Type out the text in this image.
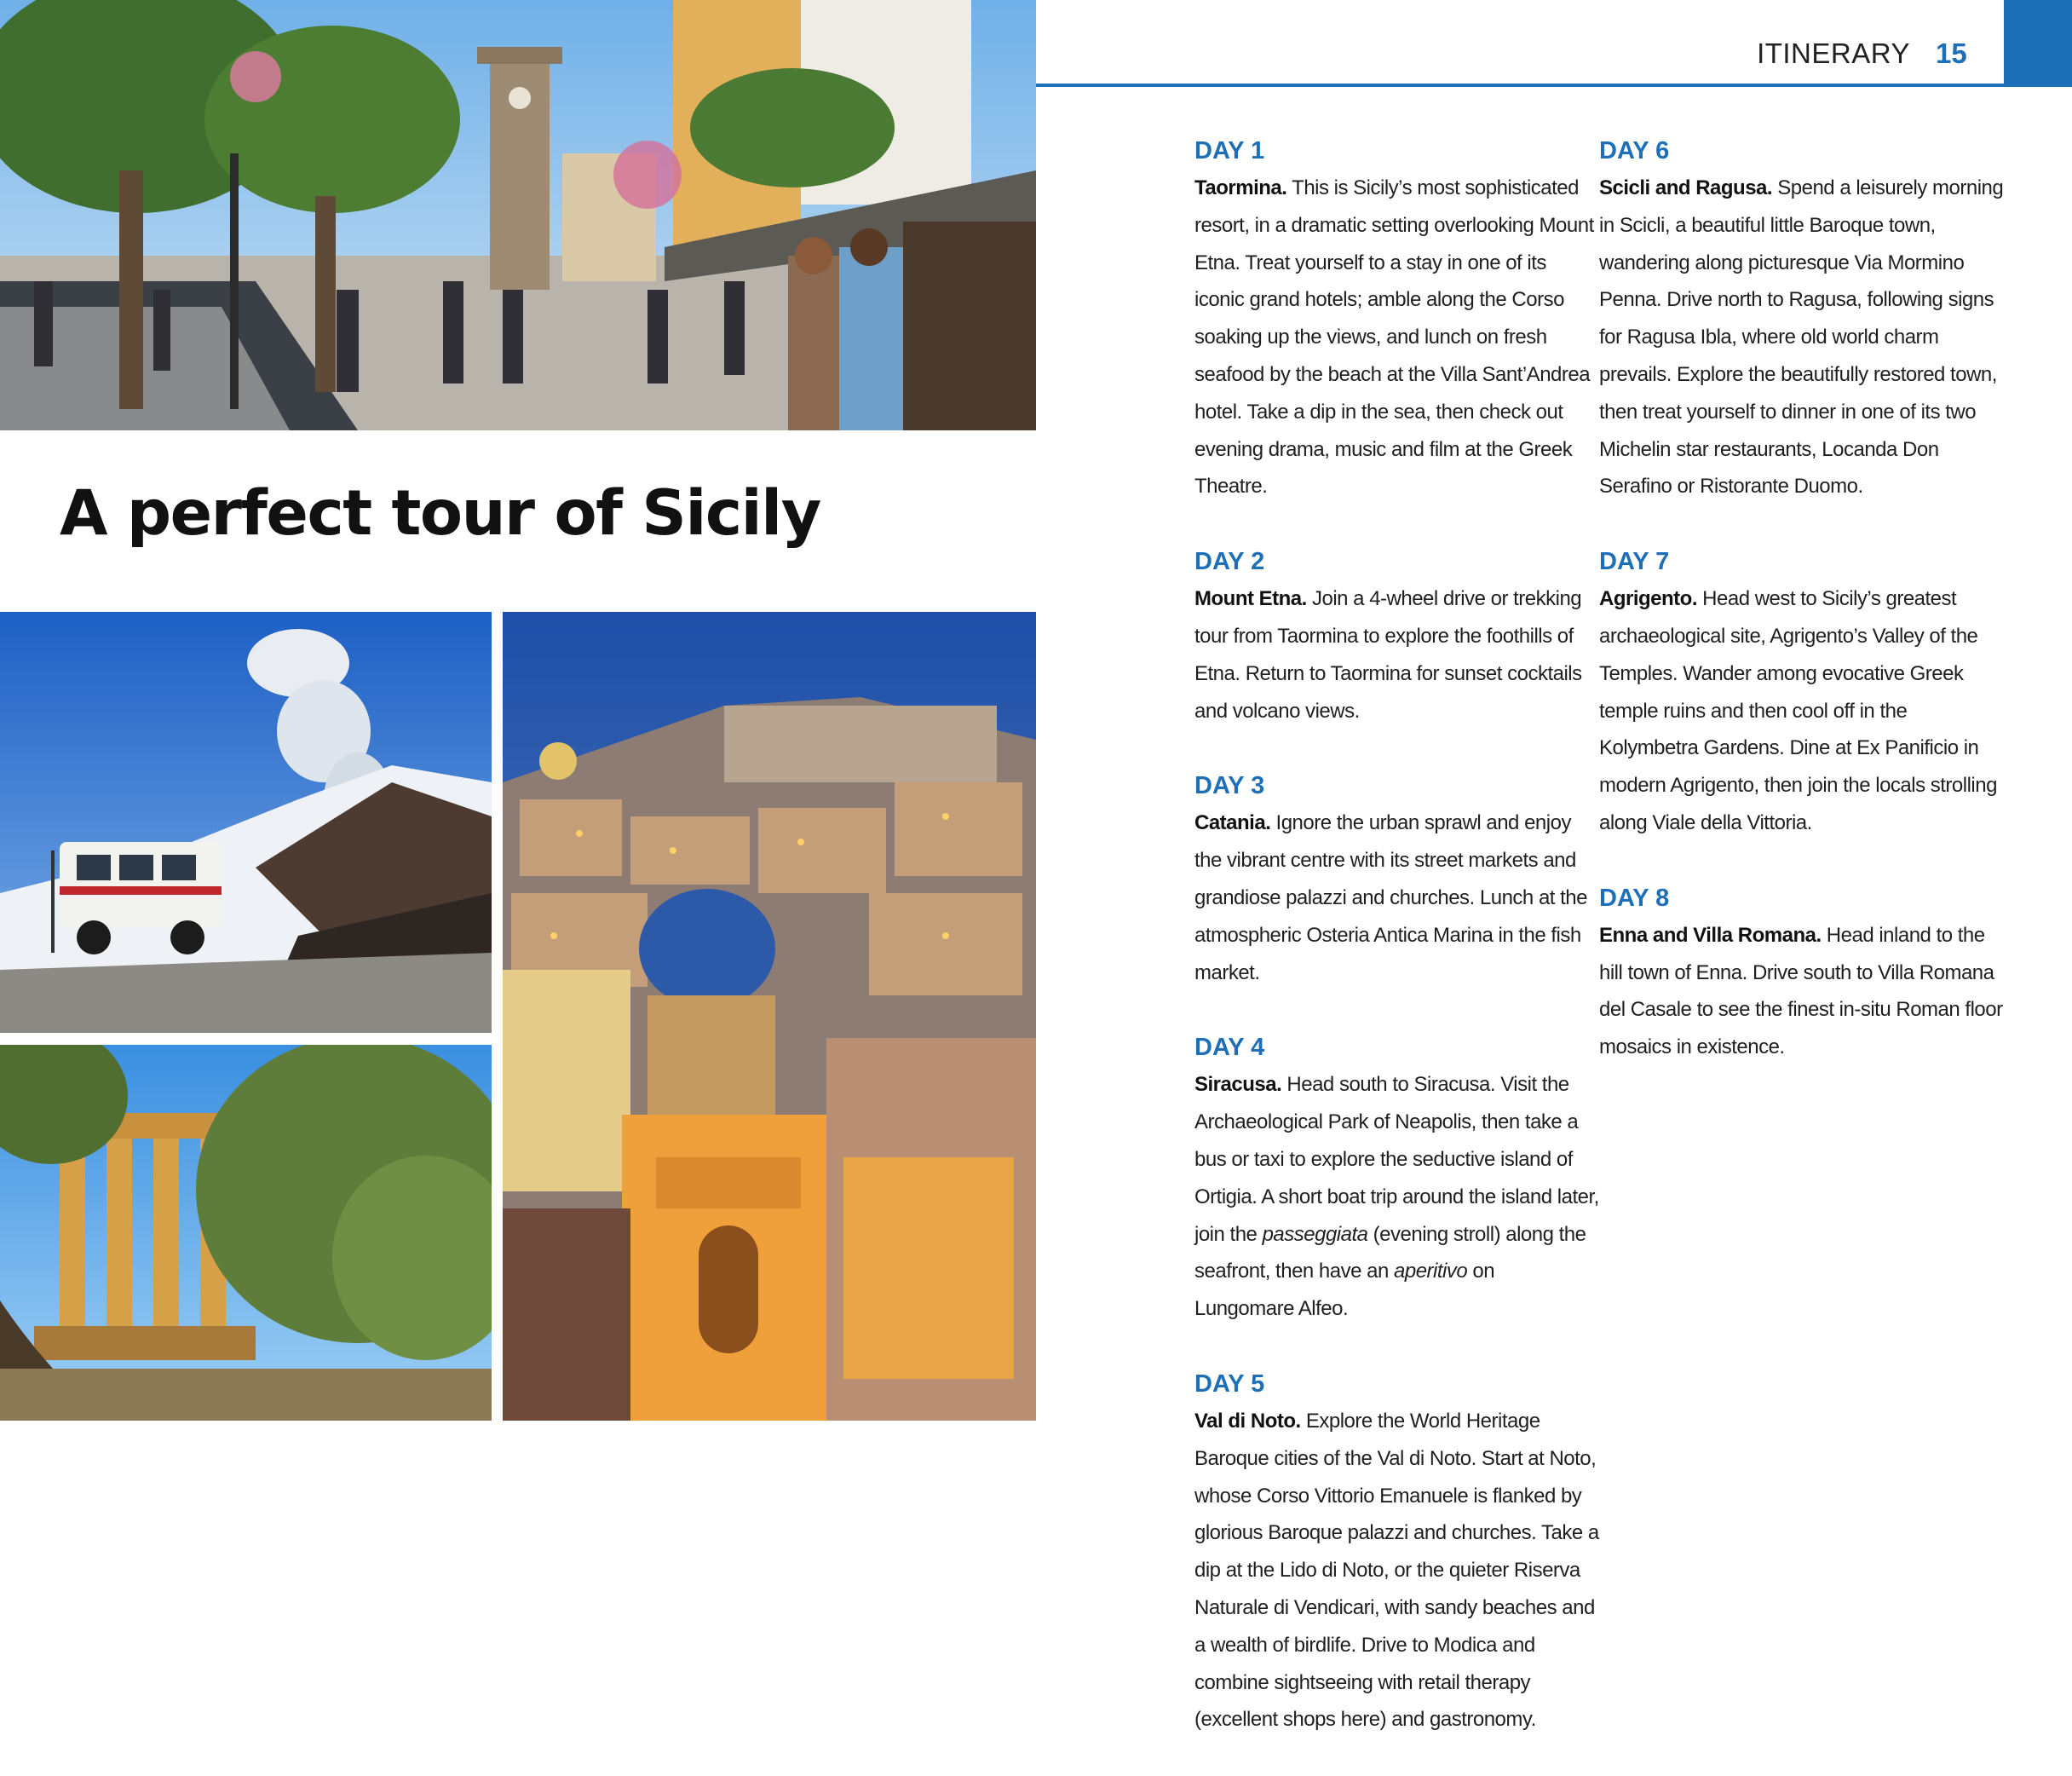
A perfect tour of Sicily
ITINERARY 15

DAY 1

Taormina. This is Sicily’s most sophisticated resort, in a dramatic setting overlooking Mount Etna. Treat yourself to a stay in one of its iconic grand hotels; amble along the Corso soaking up the views, and lunch on fresh seafood by the beach at the Villa Sant’Andrea hotel. Take a dip in the sea, then check out evening drama, music and film at the Greek Theatre.

DAY 2

Mount Etna. Join a 4-wheel drive or trekking tour from Taormina to explore the foothills of Etna. Return to Taormina for sunset cocktails and volcano views.

DAY 3

Catania. Ignore the urban sprawl and enjoy the vibrant centre with its street markets and grandiose palazzi and churches. Lunch at the atmospheric Osteria Antica Marina in the fish market.

DAY 4

Siracusa. Head south to Siracusa. Visit the Archaeological Park of Neapolis, then take a bus or taxi to explore the seductive island of Ortigia. A short boat trip around the island later, join the passeggiata (evening stroll) along the seafront, then have an aperitivo on Lungomare Alfeo.

DAY 5

Val di Noto. Explore the World Heritage Baroque cities of the Val di Noto. Start at Noto, whose Corso Vittorio Emanuele is flanked by glorious Baroque palazzi and churches. Take a dip at the Lido di Noto, or the quieter Riserva Naturale di Vendicari, with sandy beaches and a wealth of birdlife. Drive to Modica and combine sightseeing with retail therapy (excellent shops here) and gastronomy.

DAY 6

Scicli and Ragusa. Spend a leisurely morning in Scicli, a beautiful little Baroque town, wandering along picturesque Via Mormino Penna. Drive north to Ragusa, following signs for Ragusa Ibla, where old world charm prevails. Explore the beautifully restored town, then treat yourself to dinner in one of its two Michelin star restaurants, Locanda Don Serafino or Ristorante Duomo.

DAY 7

Agrigento. Head west to Sicily’s greatest archaeological site, Agrigento’s Valley of the Temples. Wander among evocative Greek temple ruins and then cool off in the Kolymbetra Gardens. Dine at Ex Panificio in modern Agrigento, then join the locals strolling along Viale della Vittoria.

DAY 8

Enna and Villa Romana. Head inland to the hill town of Enna. Drive south to Villa Romana del Casale to see the finest in-situ Roman floor mosaics in existence.
